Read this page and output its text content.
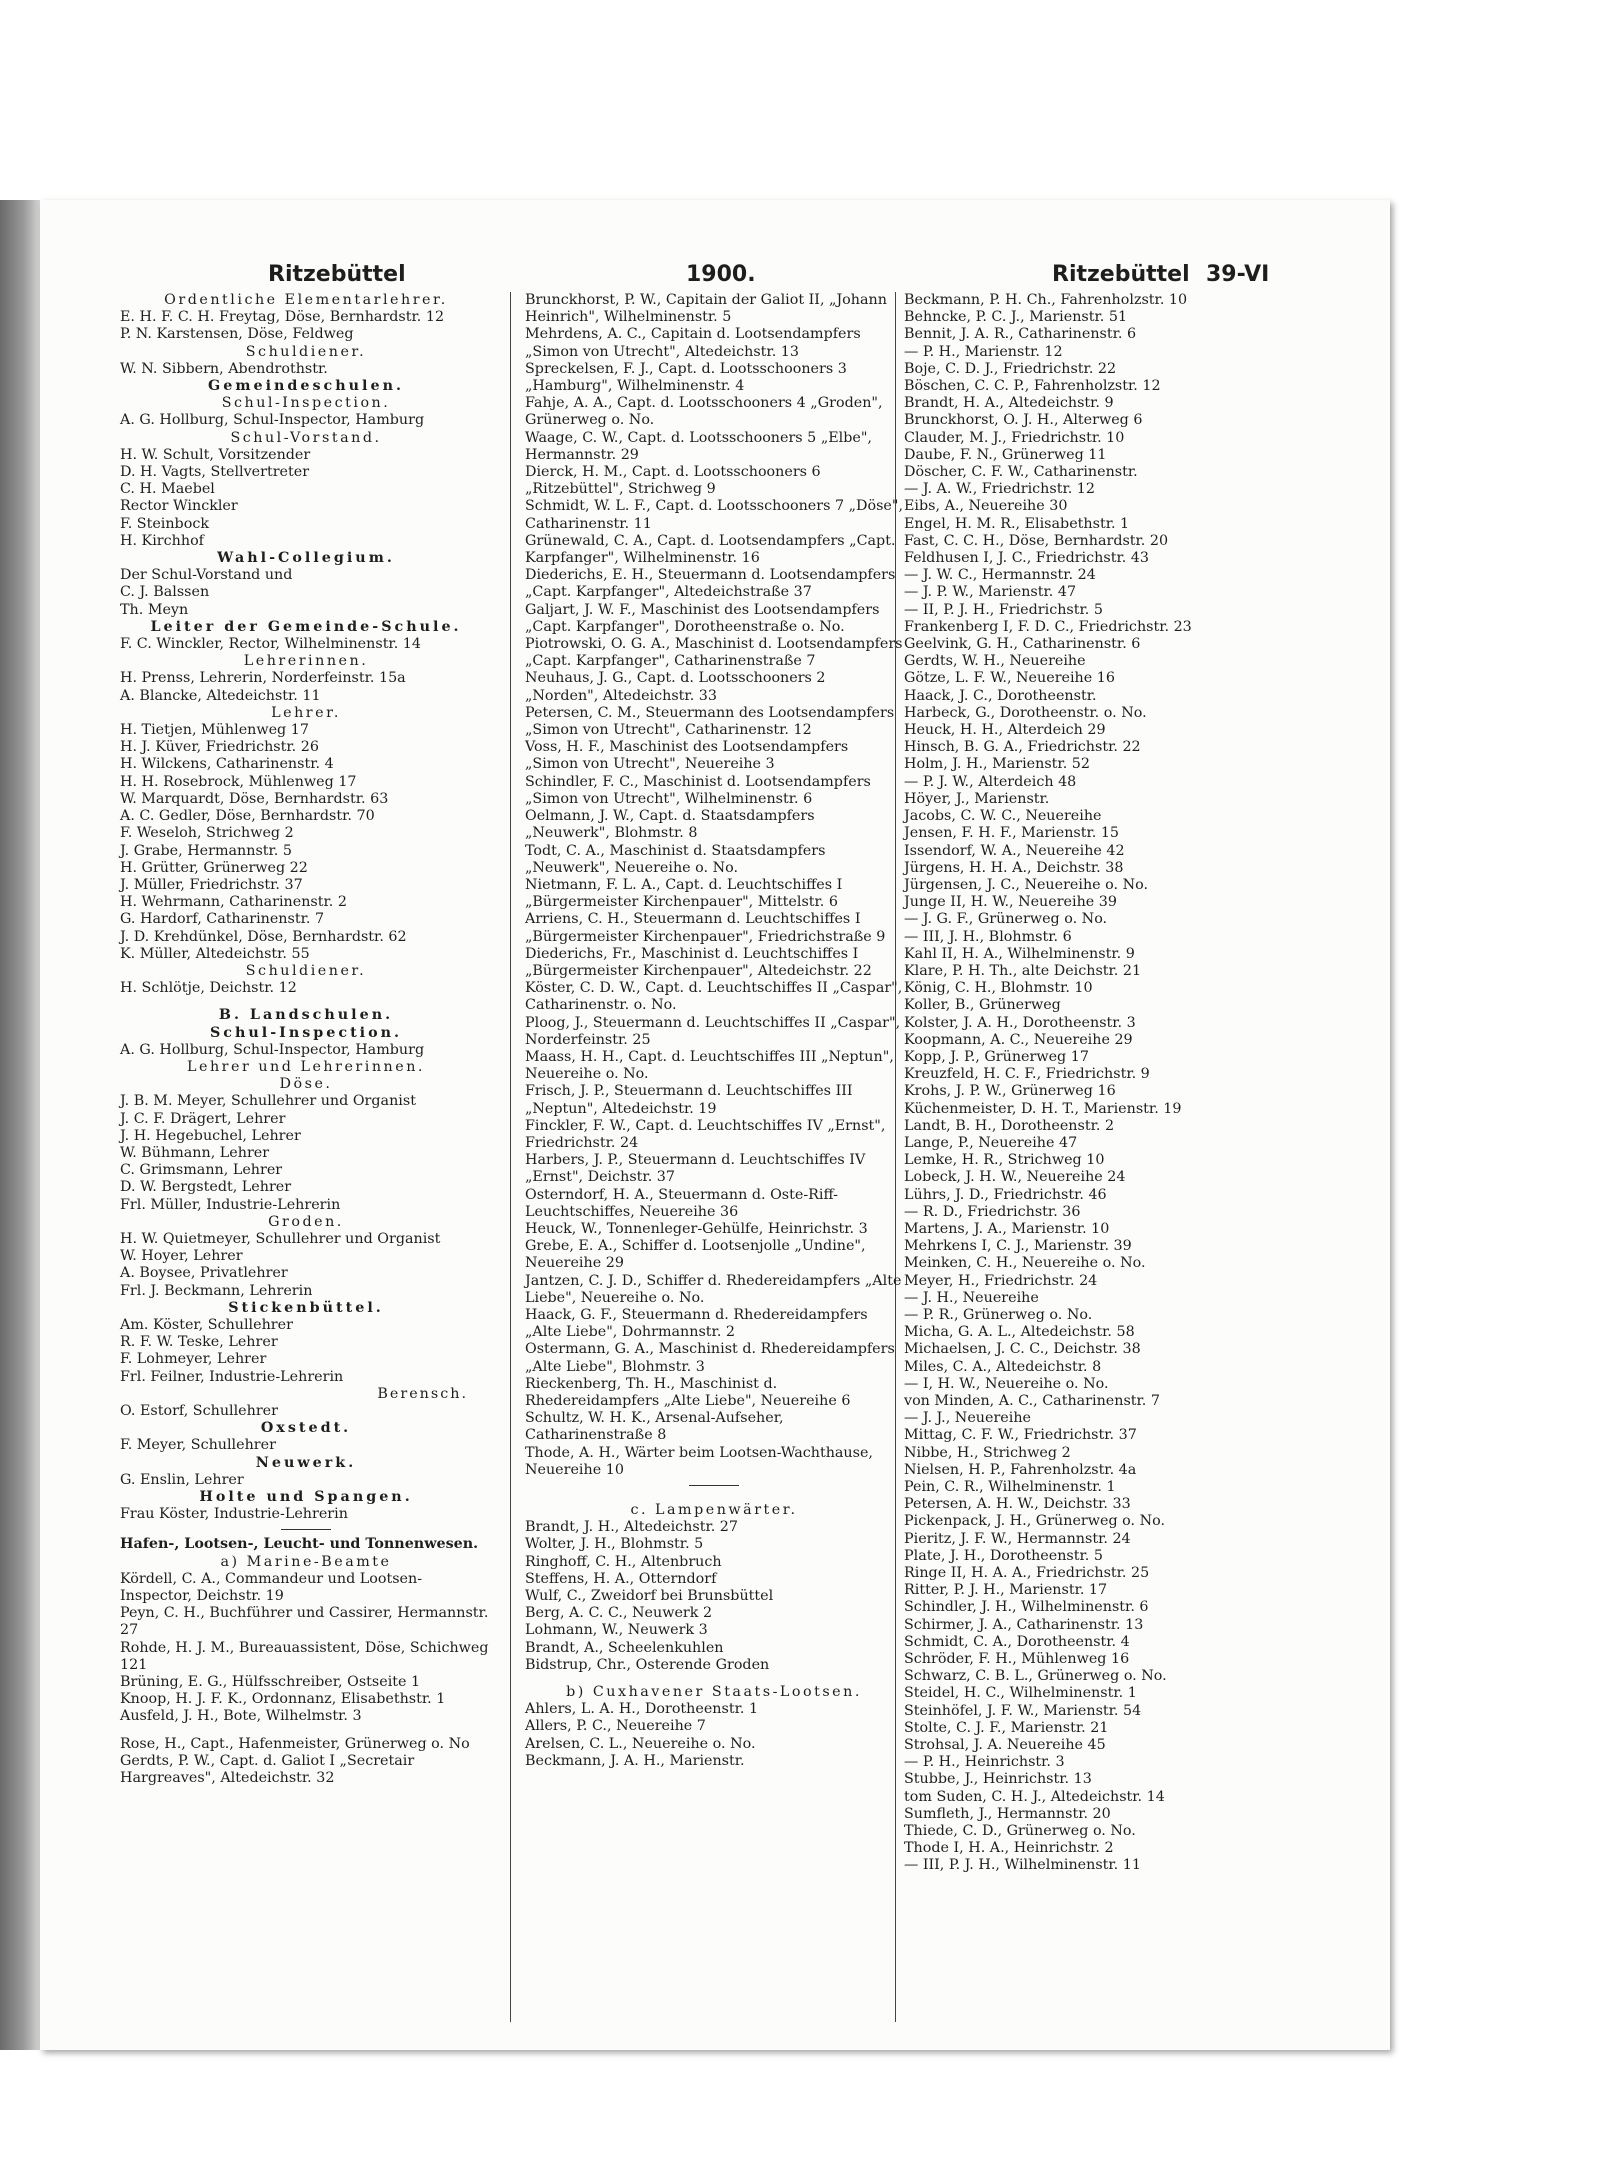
Ritzebüttel	1900.	Ritzebüttel 39-VI
Ordentliche Elementarlehrer.
E. H. F. C. H. Freytag, Döse, Bernhardstr. 12
P. N. Karstensen, Döse, Feldweg
Schuldiener.
W. N. Sibbern, Abendrothstr.
Gemeindeschulen.
Schul-Inspection.
A. G. Hollburg, Schul-Inspector, Hamburg
Schul-Vorstand.
H. W. Schult, Vorsitzender
D. H. Vagts, Stellvertreter
C. H. Maebel
Rector Winckler
F. Steinbock
H. Kirchhof
Wahl-Collegium.
Der Schul-Vorstand und
C. J. Balssen
Th. Meyn
Leiter der Gemeinde-Schule.
F. C. Winckler, Rector, Wilhelminenstr. 14
Lehrerinnen.
H. Prenss, Lehrerin, Norderfeinstr. 15a
A. Blancke, Altedeichstr. 11
Lehrer.
H. Tietjen, Mühlenweg 17
H. J. Küver, Friedrichstr. 26
H. Wilckens, Catharinenstr. 4
H. H. Rosebrock, Mühlenweg 17
W. Marquardt, Döse, Bernhardstr. 63
A. C. Gedler, Döse, Bernhardstr. 70
F. Weseloh, Strichweg 2
J. Grabe, Hermannstr. 5
H. Grütter, Grünerweg 22
J. Müller, Friedrichstr. 37
H. Wehrmann, Catharinenstr. 2
G. Hardorf, Catharinenstr. 7
J. D. Krehdünkel, Döse, Bernhardstr. 62
K. Müller, Altedeichstr. 55
Schuldiener.
H. Schlötje, Deichstr. 12
B. Landschulen.
Schul-Inspection.
A. G. Hollburg, Schul-Inspector, Hamburg
Lehrer und Lehrerinnen.
Döse.
J. B. M. Meyer, Schullehrer und Organist
J. C. F. Drägert, Lehrer
J. H. Hegebuchel, Lehrer
W. Bühmann, Lehrer
C. Grimsmann, Lehrer
D. W. Bergstedt, Lehrer
Frl. Müller, Industrie-Lehrerin
Groden.
H. W. Quietmeyer, Schullehrer und Organist
W. Hoyer, Lehrer
A. Boysee, Privatlehrer
Frl. J. Beckmann, Lehrerin
Stickenbüttel.
Am. Köster, Schullehrer
R. F. W. Teske, Lehrer
F. Lohmeyer, Lehrer
Frl. Feilner, Industrie-Lehrerin
Berensch.
O. Estorf, Schullehrer
Oxstedt.
F. Meyer, Schullehrer
Neuwerk.
G. Enslin, Lehrer
Holte und Spangen.
Frau Köster, Industrie-Lehrerin
Hafen-, Lootsen-, Leucht- und Tonnenwesen.
a) Marine-Beamte
Kördell, C. A., Commandeur und Lootsen-Inspector, Deichstr. 19
Peyn, C. H., Buchführer und Cassirer, Hermannstr. 27
Rohde, H. J. M., Bureauassistent, Döse, Schichweg 121
Brüning, E. G., Hülfsschreiber, Ostseite 1
Knoop, H. J. F. K., Ordonnanz, Elisabethstr. 1
Ausfeld, J. H., Bote, Wilhelmstr. 3
Rose, H., Capt., Hafenmeister, Grünerweg o. No
Gerdts, P. W., Capt. d. Galiot I „Secretair Hargreaves", Altedeichstr. 32
Brunckhorst, P. W., Capitain der Galiot II, „Johann Heinrich", Wilhelminenstr. 5
Mehrdens, A. C., Capitain d. Lootsendampfers „Simon von Utrecht", Altedeichstr. 13
Spreckelsen, F. J., Capt. d. Lootsschooners 3 „Hamburg", Wilhelminenstr. 4
Fahje, A. A., Capt. d. Lootsschooners 4 „Groden", Grünerweg o. No.
Waage, C. W., Capt. d. Lootsschooners 5 „Elbe", Hermannstr. 29
Dierck, H. M., Capt. d. Lootsschooners 6 „Ritzebüttel", Strichweg 9
Schmidt, W. L. F., Capt. d. Lootsschooners 7 „Döse", Catharinenstr. 11
Grünewald, C. A., Capt. d. Lootsendampfers „Capt. Karpfanger", Wilhelminenstr. 16
Diederichs, E. H., Steuermann d. Lootsendampfers „Capt. Karpfanger", Altedeichstraße 37
Galjart, J. W. F., Maschinist des Lootsendampfers „Capt. Karpfanger", Dorotheenstraße o. No.
Piotrowski, O. G. A., Maschinist d. Lootsendampfers „Capt. Karpfanger", Catharinenstraße 7
Neuhaus, J. G., Capt. d. Lootsschooners 2 „Norden", Altedeichstr. 33
Petersen, C. M., Steuermann des Lootsendampfers „Simon von Utrecht", Catharinenstr. 12
Voss, H. F., Maschinist des Lootsendampfers „Simon von Utrecht", Neuereihe 3
Schindler, F. C., Maschinist d. Lootsendampfers „Simon von Utrecht", Wilhelminenstr. 6
Oelmann, J. W., Capt. d. Staatsdampfers „Neuwerk", Blohmstr. 8
Todt, C. A., Maschinist d. Staatsdampfers „Neuwerk", Neuereihe o. No.
Nietmann, F. L. A., Capt. d. Leuchtschiffes I „Bürgermeister Kirchenpauer", Mittelstr. 6
Arriens, C. H., Steuermann d. Leuchtschiffes I „Bürgermeister Kirchenpauer", Friedrichstraße 9
Diederichs, Fr., Maschinist d. Leuchtschiffes I „Bürgermeister Kirchenpauer", Altedeichstr. 22
Köster, C. D. W., Capt. d. Leuchtschiffes II „Caspar", Catharinenstr. o. No.
Ploog, J., Steuermann d. Leuchtschiffes II „Caspar", Norderfeinstr. 25
Maass, H. H., Capt. d. Leuchtschiffes III „Neptun", Neuereihe o. No.
Frisch, J. P., Steuermann d. Leuchtschiffes III „Neptun", Altedeichstr. 19
Finckler, F. W., Capt. d. Leuchtschiffes IV „Ernst", Friedrichstr. 24
Harbers, J. P., Steuermann d. Leuchtschiffes IV „Ernst", Deichstr. 37
Osterndorf, H. A., Steuermann d. Oste-Riff-Leuchtschiffes, Neuereihe 36
Heuck, W., Tonnenleger-Gehülfe, Heinrichstr. 3
Grebe, E. A., Schiffer d. Lootsenjolle „Undine", Neuereihe 29
Jantzen, C. J. D., Schiffer d. Rhedereidampfers „Alte Liebe", Neuereihe o. No.
Haack, G. F., Steuermann d. Rhedereidampfers „Alte Liebe", Dohrmannstr. 2
Ostermann, G. A., Maschinist d. Rhedereidampfers „Alte Liebe", Blohmstr. 3
Rieckenberg, Th. H., Maschinist d. Rhedereidampfers „Alte Liebe", Neuereihe 6
Schultz, W. H. K., Arsenal-Aufseher, Catharinenstraße 8
Thode, A. H., Wärter beim Lootsen-Wachthause, Neuereihe 10
c. Lampenwärter.
Brandt, J. H., Altedeichstr. 27
Wolter, J. H., Blohmstr. 5
Ringhoff, C. H., Altenbruch
Steffens, H. A., Otterndorf
Wulf, C., Zweidorf bei Brunsbüttel
Berg, A. C. C., Neuwerk 2
Lohmann, W., Neuwerk 3
Brandt, A., Scheelenkuhlen
Bidstrup, Chr., Osterende Groden
b) Cuxhavener Staats-Lootsen.
Ahlers, L. A. H., Dorotheenstr. 1
Allers, P. C., Neuereihe 7
Arelsen, C. L., Neuereihe o. No.
Beckmann, J. A. H., Marienstr.
Beckmann, P. H. Ch., Fahrenholzstr. 10
Behncke, P. C. J., Marienstr. 51
Bennit, J. A. R., Catharinenstr. 6
— P. H., Marienstr. 12
Boje, C. D. J., Friedrichstr. 22
Böschen, C. C. P., Fahrenholzstr. 12
Brandt, H. A., Altedeichstr. 9
Brunckhorst, O. J. H., Alterweg 6
Clauder, M. J., Friedrichstr. 10
Daube, F. N., Grünerweg 11
Döscher, C. F. W., Catharinenstr.
— J. A. W., Friedrichstr. 12
Eibs, A., Neuereihe 30
Engel, H. M. R., Elisabethstr. 1
Fast, C. C. H., Döse, Bernhardstr. 20
Feldhusen I, J. C., Friedrichstr. 43
— J. W. C., Hermannstr. 24
— J. P. W., Marienstr. 47
— II, P. J. H., Friedrichstr. 5
Frankenberg I, F. D. C., Friedrichstr. 23
Geelvink, G. H., Catharinenstr. 6
Gerdts, W. H., Neuereihe
Götze, L. F. W., Neuereihe 16
Haack, J. C., Dorotheenstr.
Harbeck, G., Dorotheenstr. o. No.
Heuck, H. H., Alterdeich 29
Hinsch, B. G. A., Friedrichstr. 22
Holm, J. H., Marienstr. 52
— P. J. W., Alterdeich 48
Höyer, J., Marienstr.
Jacobs, C. W. C., Neuereihe
Jensen, F. H. F., Marienstr. 15
Issendorf, W. A., Neuereihe 42
Jürgens, H. H. A., Deichstr. 38
Jürgensen, J. C., Neuereihe o. No.
Junge II, H. W., Neuereihe 39
— J. G. F., Grünerweg o. No.
— III, J. H., Blohmstr. 6
Kahl II, H. A., Wilhelminenstr. 9
Klare, P. H. Th., alte Deichstr. 21
König, C. H., Blohmstr. 10
Koller, B., Grünerweg
Kolster, J. A. H., Dorotheenstr. 3
Koopmann, A. C., Neuereihe 29
Kopp, J. P., Grünerweg 17
Kreuzfeld, H. C. F., Friedrichstr. 9
Krohs, J. P. W., Grünerweg 16
Küchenmeister, D. H. T., Marienstr. 19
Landt, B. H., Dorotheenstr. 2
Lange, P., Neuereihe 47
Lemke, H. R., Strichweg 10
Lobeck, J. H. W., Neuereihe 24
Lührs, J. D., Friedrichstr. 46
— R. D., Friedrichstr. 36
Martens, J. A., Marienstr. 10
Mehrkens I, C. J., Marienstr. 39
Meinken, C. H., Neuereihe o. No.
Meyer, H., Friedrichstr. 24
— J. H., Neuereihe
— P. R., Grünerweg o. No.
Micha, G. A. L., Altedeichstr. 58
Michaelsen, J. C. C., Deichstr. 38
Miles, C. A., Altedeichstr. 8
— I, H. W., Neuereihe o. No.
von Minden, A. C., Catharinenstr. 7
— J. J., Neuereihe
Mittag, C. F. W., Friedrichstr. 37
Nibbe, H., Strichweg 2
Nielsen, H. P., Fahrenholzstr. 4a
Pein, C. R., Wilhelminenstr. 1
Petersen, A. H. W., Deichstr. 33
Pickenpack, J. H., Grünerweg o. No.
Pieritz, J. F. W., Hermannstr. 24
Plate, J. H., Dorotheenstr. 5
Ringe II, H. A. A., Friedrichstr. 25
Ritter, P. J. H., Marienstr. 17
Schindler, J. H., Wilhelminenstr. 6
Schirmer, J. A., Catharinenstr. 13
Schmidt, C. A., Dorotheenstr. 4
Schröder, F. H., Mühlenweg 16
Schwarz, C. B. L., Grünerweg o. No.
Steidel, H. C., Wilhelminenstr. 1
Steinhöfel, J. F. W., Marienstr. 54
Stolte, C. J. F., Marienstr. 21
Strohsal, J. A. Neuereihe 45
— P. H., Heinrichstr. 3
Stubbe, J., Heinrichstr. 13
tom Suden, C. H. J., Altedeichstr. 14
Sumfleth, J., Hermannstr. 20
Thiede, C. D., Grünerweg o. No.
Thode I, H. A., Heinrichstr. 2
— III, P. J. H., Wilhelminenstr. 11
